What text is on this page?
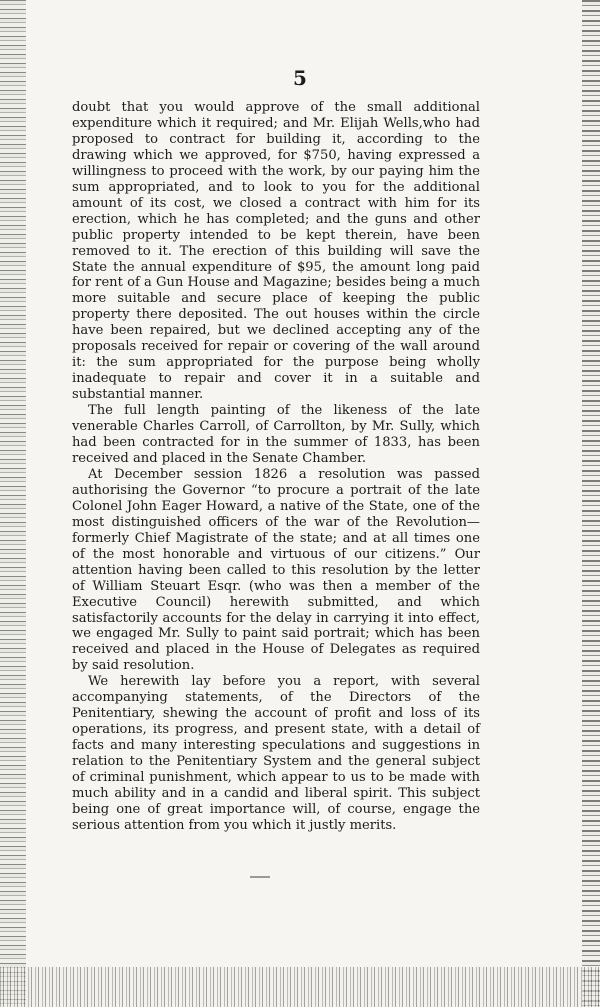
5

doubt that you would approve of the small additional expenditure which it required; and Mr. Elijah Wells,who had proposed to contract for building it, according to the drawing which we approved, for $750, having expressed a willingness to proceed with the work, by our paying him the sum appropriated, and to look to you for the additional amount of its cost, we closed a contract with him for its erection, which he has completed; and the guns and other public property intended to be kept therein, have been removed to it. The erection of this building will save the State the annual expenditure of $95, the amount long paid for rent of a Gun House and Magazine; besides being a much more suitable and secure place of keeping the public property there deposited. The out houses within the circle have been repaired, but we declined accepting any of the proposals received for repair or covering of the wall around it: the sum appropriated for the purpose being wholly inadequate to repair and cover it in a suitable and substantial manner.

The full length painting of the likeness of the late venerable Charles Carroll, of Carrollton, by Mr. Sully, which had been contracted for in the summer of 1833, has been received and placed in the Senate Chamber.

At December session 1826 a resolution was passed authorising the Governor “to procure a portrait of the late Colonel John Eager Howard, a native of the State, one of the most distinguished officers of the war of the Revolution—formerly Chief Magistrate of the state; and at all times one of the most honorable and virtuous of our citizens.” Our attention having been called to this resolution by the letter of William Steuart Esqr. (who was then a member of the Executive Council) herewith submitted, and which satisfactorily accounts for the delay in carrying it into effect, we engaged Mr. Sully to paint said portrait; which has been received and placed in the House of Delegates as required by said resolution.

We herewith lay before you a report, with several accompanying statements, of the Directors of the Penitentiary, shewing the account of profit and loss of its operations, its progress, and present state, with a detail of facts and many interesting speculations and suggestions in relation to the Penitentiary System and the general subject of criminal punishment, which appear to us to be made with much ability and in a candid and liberal spirit. This subject being one of great importance will, of course, engage the serious attention from you which it justly merits.
